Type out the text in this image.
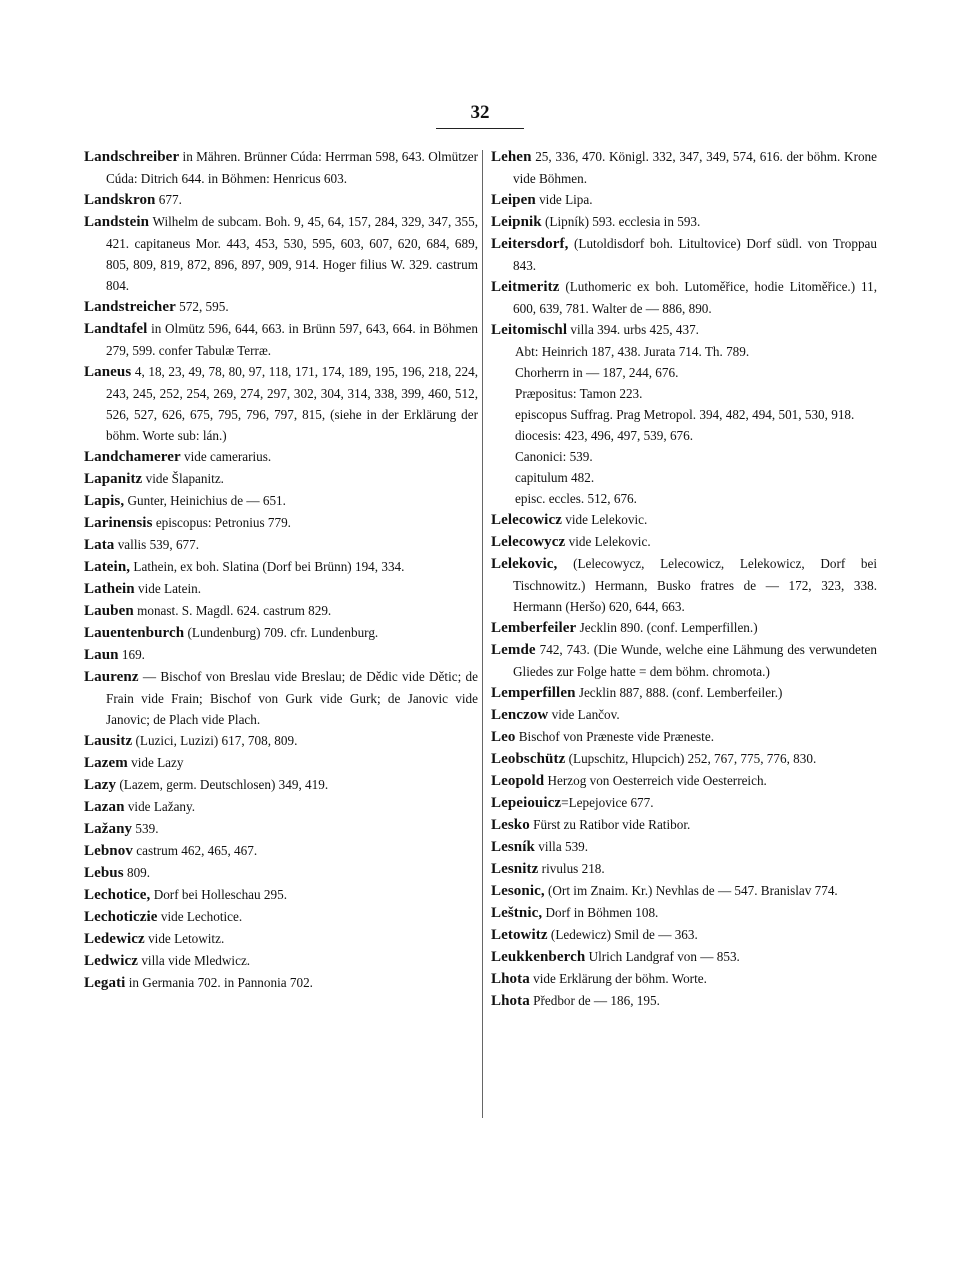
32

Landschreiber in Mähren. Brünner Cúda: Herrman 598, 643. Olmützer Cúda: Ditrich 644. in Böhmen: Henricus 603.

Landskron 677.

Landstein Wilhelm de subcam. Boh. 9, 45, 64, 157, 284, 329, 347, 355, 421. capitaneus Mor. 443, 453, 530, 595, 603, 607, 620, 684, 689, 805, 809, 819, 872, 896, 897, 909, 914. Hoger filius W. 329. castrum 804.

Landstreicher 572, 595.

Landtafel in Olmütz 596, 644, 663. in Brünn 597, 643, 664. in Böhmen 279, 599. confer Tabulæ Terræ.

Laneus 4, 18, 23, 49, 78, 80, 97, 118, 171, 174, 189, 195, 196, 218, 224, 243, 245, 252, 254, 269, 274, 297, 302, 304, 314, 338, 399, 460, 512, 526, 527, 626, 675, 795, 796, 797, 815, (siehe in der Erklärung der böhm. Worte sub: lán.)

Landchamerer vide camerarius.

Lapanitz vide Šlapanitz.

Lapis, Gunter, Heinichius de — 651.

Larinensis episcopus: Petronius 779.

Lata vallis 539, 677.

Latein, Lathein, ex boh. Slatina (Dorf bei Brünn) 194, 334.

Lathein vide Latein.

Lauben monast. S. Magdl. 624. castrum 829.

Lauentenburch (Lundenburg) 709. cfr. Lundenburg.

Laun 169.

Laurenz — Bischof von Breslau vide Breslau; de Dědic vide Dětic; de Frain vide Frain; Bischof von Gurk vide Gurk; de Janovic vide Janovic; de Plach vide Plach.

Lausitz (Luzici, Luzizi) 617, 708, 809.

Lazem vide Lazy

Lazy (Lazem, germ. Deutschlosen) 349, 419.

Lazan vide Lažany.

Lažany 539.

Lebnov castrum 462, 465, 467.

Lebus 809.

Lechotice, Dorf bei Holleschau 295.

Lechoticzie vide Lechotice.

Ledewicz vide Letowitz.

Ledwicz villa vide Mledwicz.

Legati in Germania 702. in Pannonia 702.

Lehen 25, 336, 470. Königl. 332, 347, 349, 574, 616. der böhm. Krone vide Böhmen.

Leipen vide Lipa.

Leipnik (Lipník) 593. ecclesia in 593.

Leitersdorf, (Lutoldisdorf boh. Litultovice) Dorf südl. von Troppau 843.

Leitmeritz (Luthomeric ex boh. Lutoměřice, hodie Litoměřice.) 11, 600, 639, 781. Walter de — 886, 890.

Leitomischl villa 394. urbs 425, 437.

Abt: Heinrich 187, 438. Jurata 714. Th. 789.

Chorherrn in — 187, 244, 676.

Præpositus: Tamon 223.

episcopus Suffrag. Prag Metropol. 394, 482, 494, 501, 530, 918.

diocesis: 423, 496, 497, 539, 676.

Canonici: 539.

capitulum 482.

episc. eccles. 512, 676.

Lelecowicz vide Lelekovic.

Lelecowycz vide Lelekovic.

Lelekovic, (Lelecowycz, Lelecowicz, Lelekowicz, Dorf bei Tischnowitz.) Hermann, Busko fratres de — 172, 323, 338. Hermann (Heršo) 620, 644, 663.

Lemberfeiler Jecklin 890. (conf. Lemperfillen.)

Lemde 742, 743. (Die Wunde, welche eine Lähmung des verwundeten Gliedes zur Folge hatte = dem böhm. chromota.)

Lemperfillen Jecklin 887, 888. (conf. Lemberfeiler.)

Lenczow vide Lančov.

Leo Bischof von Præneste vide Præneste.

Leobschütz (Lupschitz, Hlupcich) 252, 767, 775, 776, 830.

Leopold Herzog von Oesterreich vide Oesterreich.

Lepeiouicz=Lepejovice 677.

Lesko Fürst zu Ratibor vide Ratibor.

Lesník villa 539.

Lesnitz rivulus 218.

Lesonic, (Ort im Znaim. Kr.) Nevhlas de — 547. Branislav 774.

Leštnic, Dorf in Böhmen 108.

Letowitz (Ledewicz) Smil de — 363.

Leukkenberch Ulrich Landgraf von — 853.

Lhota vide Erklärung der böhm. Worte.

Lhota Předbor de — 186, 195.
